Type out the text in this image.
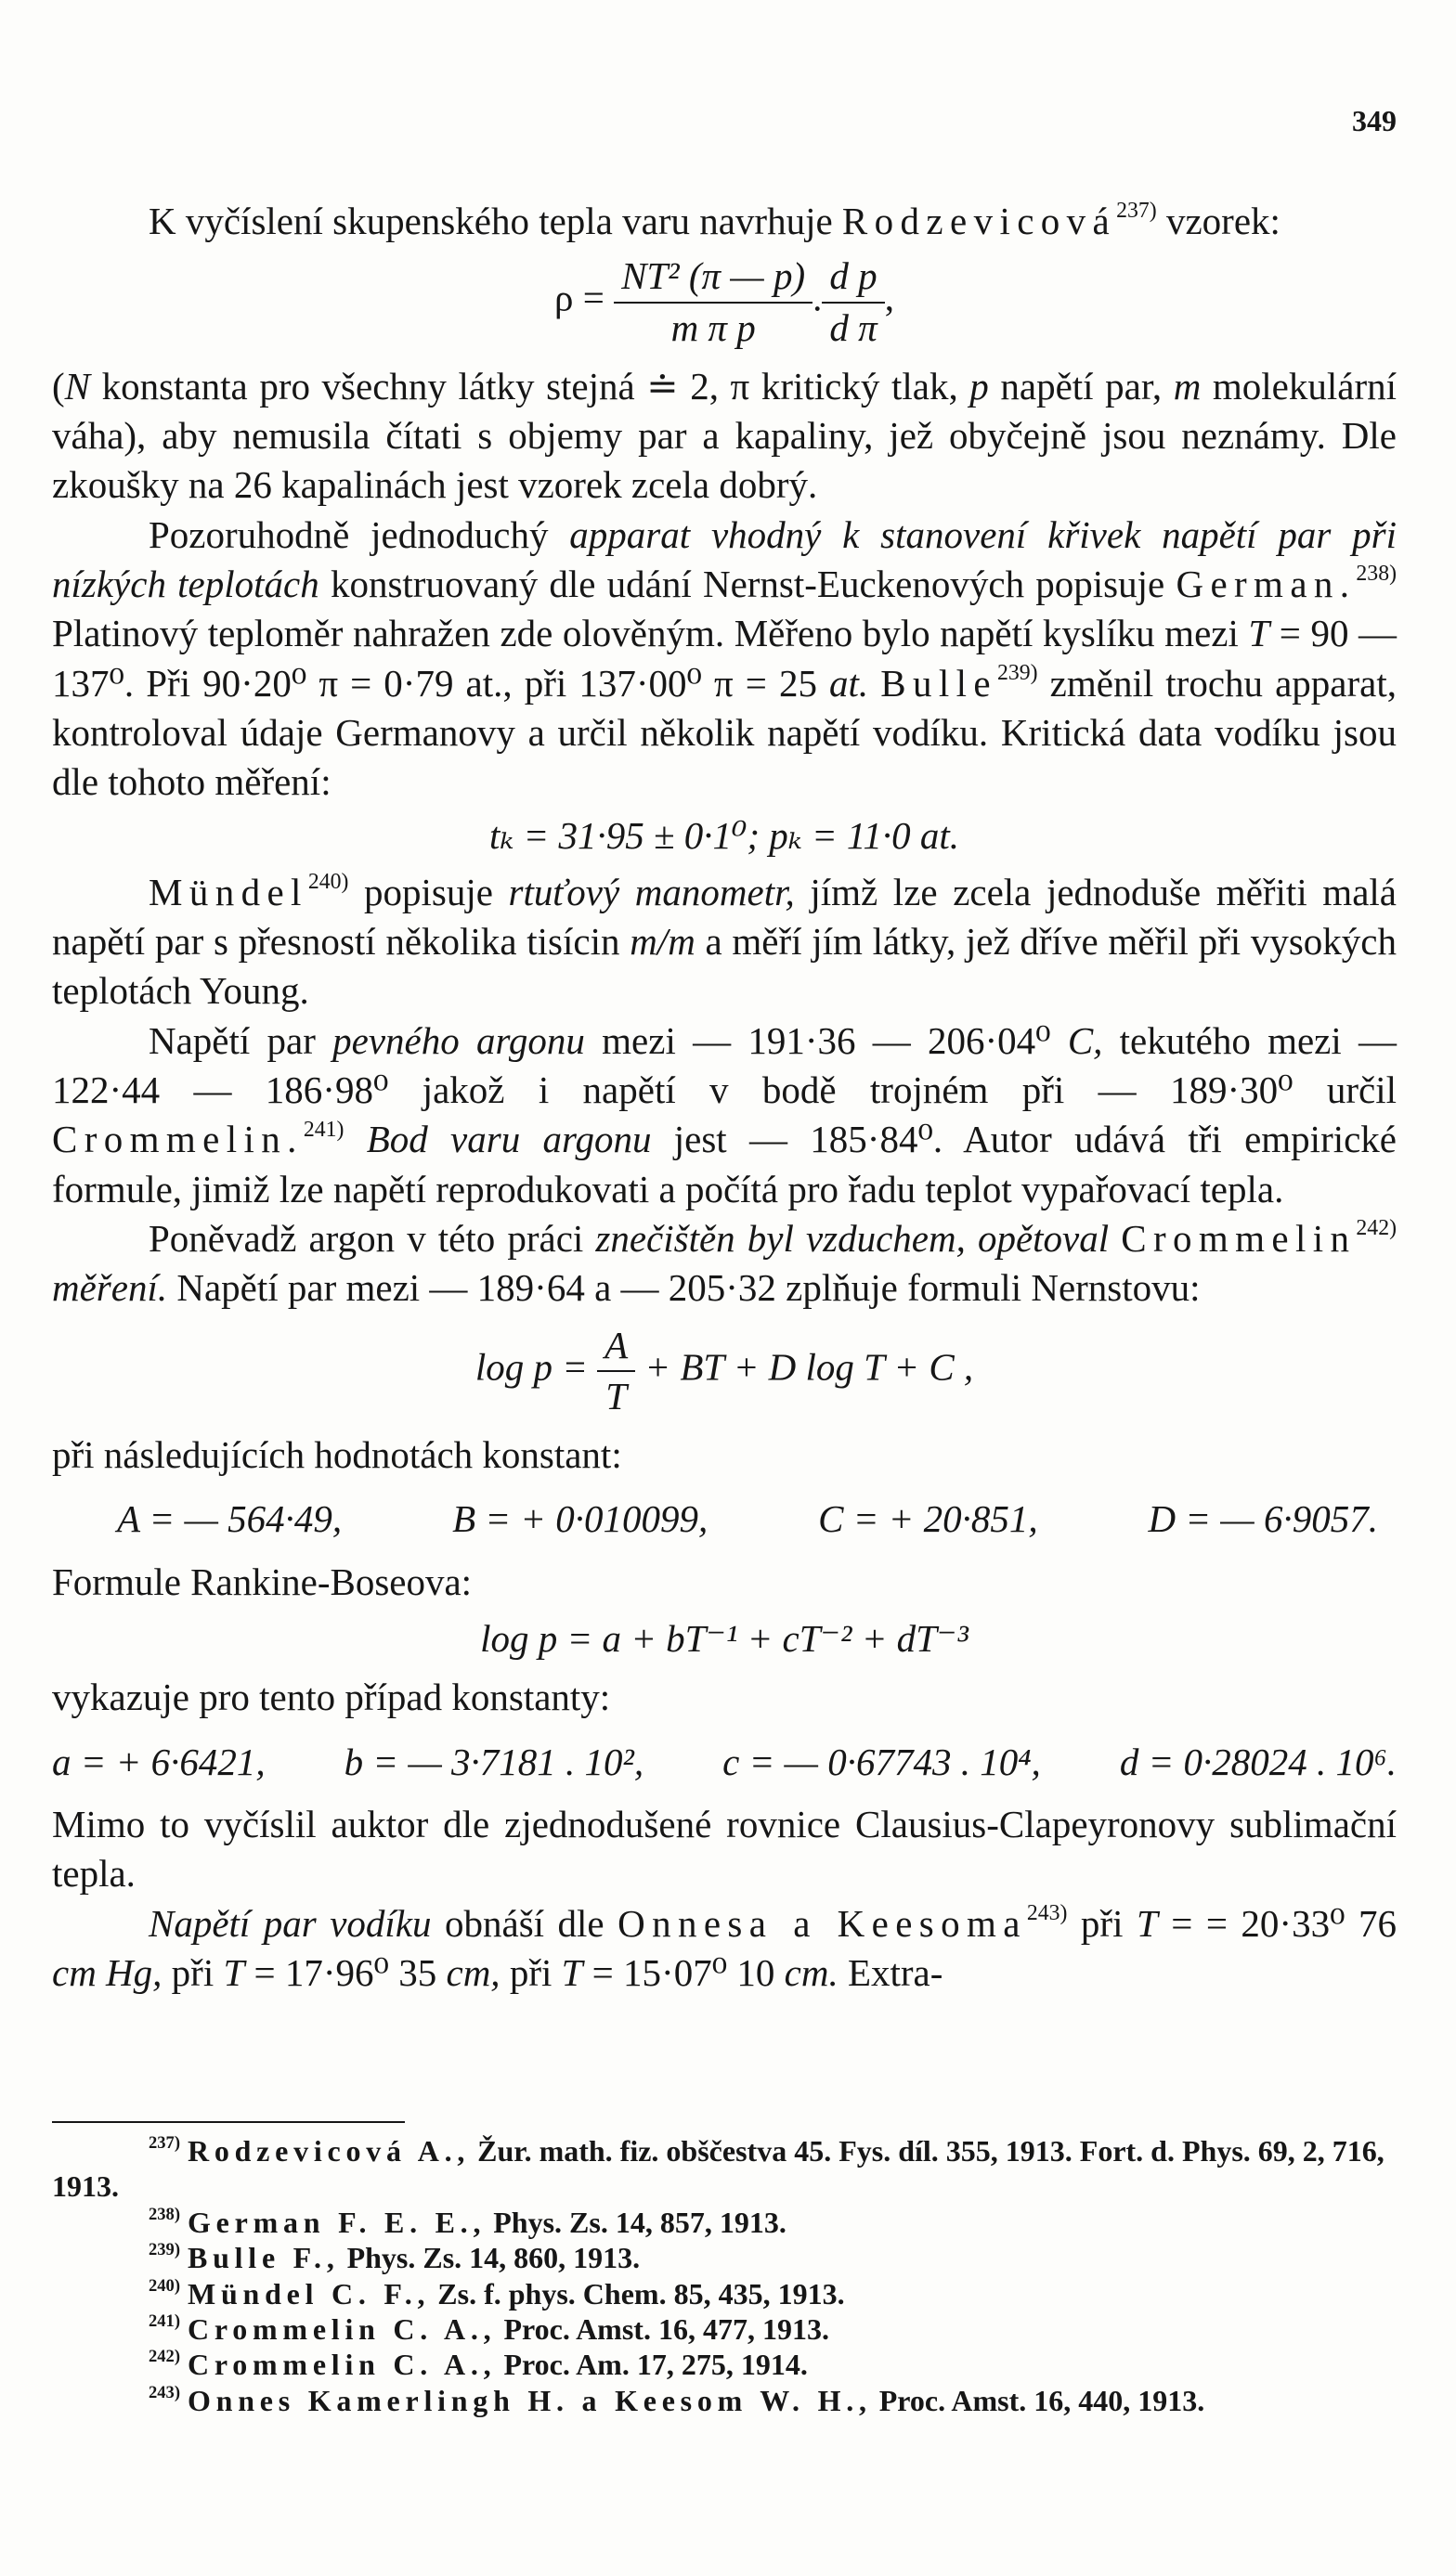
349

K vyčíslení skupenského tepla varu navrhuje Rodzevicová$^{237)}$ vzorek:

$\rho = \frac{\text{NT² (π — p)}}{\text{m π p}}$ . $\frac{\text{d p}}{\text{d π}}$ ,

(N konstanta pro všechny látky stejná ≐ 2, π kritický tlak, p napětí par, m molekulární váha), aby nemusila čítati s objemy par a kapaliny, jež obyčejně jsou neznámy. Dle zkoušky na 26 kapalinách jest vzorek zcela dobrý.

Pozoruhodně jednoduchý apparat vhodný k stanovení křivek napětí par při nízkých teplotách konstruovaný dle udání Nernst-Euckenových popisuje German.$^{238)}$ Platinový teploměr nahražen zde olověným. Měřeno bylo napětí kyslíku mezi T = 90 — 137⁰. Při 90·20⁰ π = 0·79 at., při 137·00⁰ π = 25 at. Bulle$^{239)}$ změnil trochu apparat, kontroloval údaje Germanovy a určil několik napětí vodíku. Kritická data vodíku jsou dle tohoto měření:

tₖ = 31·95 ± 0·1⁰; pₖ = 11·0 at.

Mündel$^{240)}$ popisuje rtuťový manometr, jímž lze zcela jednoduše měřiti malá napětí par s přesností několika tisícin m/m a měří jím látky, jež dříve měřil při vysokých teplotách Young.

Napětí par pevného argonu mezi — 191·36 — 206·04⁰ C, tekutého mezi — 122·44 — 186·98⁰ jakož i napětí v bodě trojném při — 189·30⁰ určil Crommelin.$^{241)}$ Bod varu argonu jest — 185·84⁰. Autor udává tři empirické formule, jimiž lze napětí reprodukovati a počítá pro řadu teplot vypařovací tepla.

Poněvadž argon v této práci znečištěn byl vzduchem, opětoval Crommelin$^{242)}$ měření. Napětí par mezi — 189·64 a — 205·32 zplňuje formuli Nernstovu:

$\log p = \frac{A}{T}$ + BT + D log T + C ,

při následujících hodnotách konstant:

A = — 564·49,	B = + 0·010099,	C = + 20·851,	D = — 6·9057.

Formule Rankine-Boseova:

log p = a + bT⁻¹ + cT⁻² + dT⁻³

vykazuje pro tento případ konstanty:

a = + 6·6421, b = — 3·7181 . 10², c = — 0·67743 . 10⁴, d = 0·28024 . 10⁶.

Mimo to vyčíslil auktor dle zjednodušené rovnice Clausius-Clapeyronovy sublimační tepla.

Napětí par vodíku obnáší dle Onnesa a Keesoma$^{243)}$ při T = = 20·33⁰ 76 cm Hg, při T = 17·96⁰ 35 cm, při T = 15·07⁰ 10 cm. Extra-

$^{237)}$ Rodzevicová A., Žur. math. fiz. obščestva 45. Fys. díl. 355, 1913. Fort. d. Phys. 69, 2, 716, 1913.

$^{238)}$ German F. E. E., Phys. Zs. 14, 857, 1913.

$^{239)}$ Bulle F., Phys. Zs. 14, 860, 1913.

$^{240)}$ Mündel C. F., Zs. f. phys. Chem. 85, 435, 1913.

$^{241)}$ Crommelin C. A., Proc. Amst. 16, 477, 1913.

$^{242)}$ Crommelin C. A., Proc. Am. 17, 275, 1914.

$^{243)}$ Onnes Kamerlingh H. a Keesom W. H., Proc. Amst. 16, 440, 1913.
